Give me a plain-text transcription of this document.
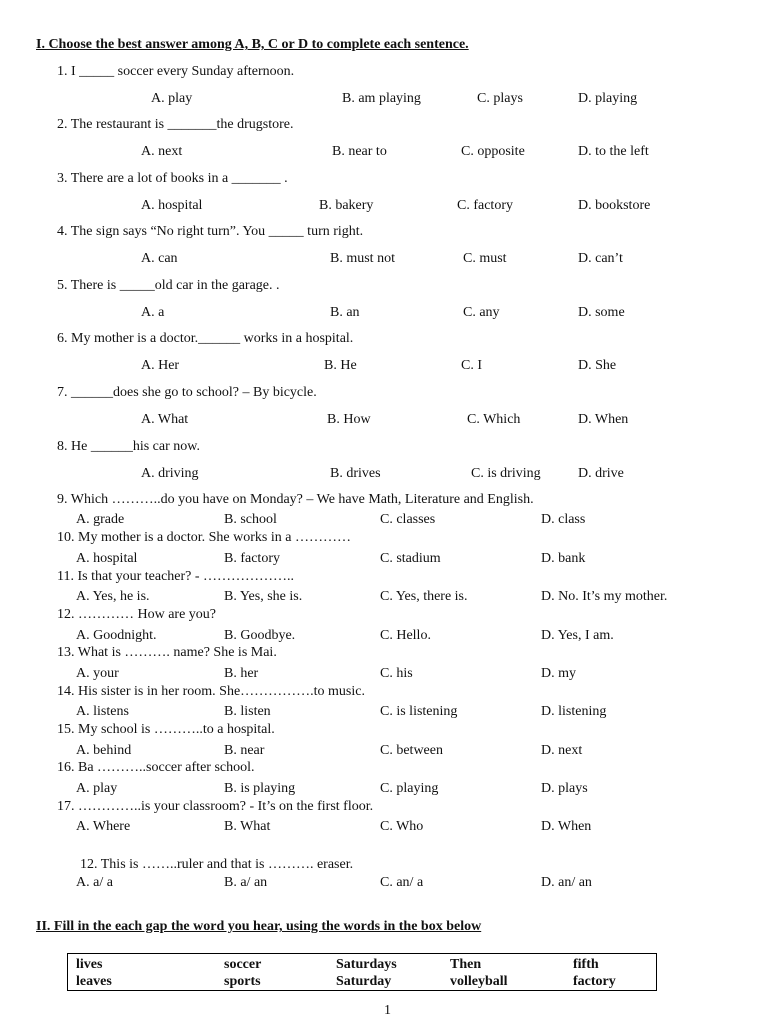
I. Choose the best answer among A, B, C or D to complete each sentence.
1. I _____ soccer every Sunday afternoon.
A. play	B. am playing	C. plays	D. playing
2. The restaurant is _______the drugstore.
A. next	B. near to	C. opposite	D. to the left
3. There are a lot of books in a _______ .
A. hospital	B. bakery	C. factory	D. bookstore
4. The sign says “No right turn”. You _____ turn right.
A. can	B. must not	C. must	D. can’t
5. There is _____old car in the garage. .
A. a	B. an	C. any	D. some
6. My mother is a doctor.______ works in a hospital.
A. Her	B. He	C. I	D. She
7. ______does she go to school? – By bicycle.
A. What	B. How	C. Which	D. When
8. He ______his car now.
A. driving	B. drives	C. is driving	D. drive
9. Which ………..do you have on Monday? – We have Math, Literature and English.
A. grade	B. school	C. classes	D. class
10. My mother is a doctor. She works in a …………
A. hospital	B. factory	C. stadium	D. bank
11. Is that your teacher? - ………………..
A. Yes, he is.	B. Yes, she is.	C. Yes, there is.	D. No. It’s my mother.
12. ………… How are you?
A. Goodnight.	B. Goodbye.	C. Hello.	D. Yes, I am.
13. What is ………. name? She is Mai.
A. your	B. her	C. his	D. my
14. His sister is in her room. She…………….to music.
A. listens	B. listen	C. is listening	D. listening
15. My school is ………..to a hospital.
A. behind	B. near	C. between	D. next
16. Ba ………..soccer after school.
A. play	B. is playing	C. playing	D. plays
17. …………..is your classroom? - It’s on the first floor.
A. Where	B. What	C. Who	D. When
12. This is ……..ruler and that is ………. eraser.
A. a/ a	B. a/ an	C. an/ a	D. an/ an
II. Fill in the each gap the word you hear, using the words in the box below
lives	soccer	Saturdays	Then	fifth
leaves	sports	Saturday	volleyball	factory
1
